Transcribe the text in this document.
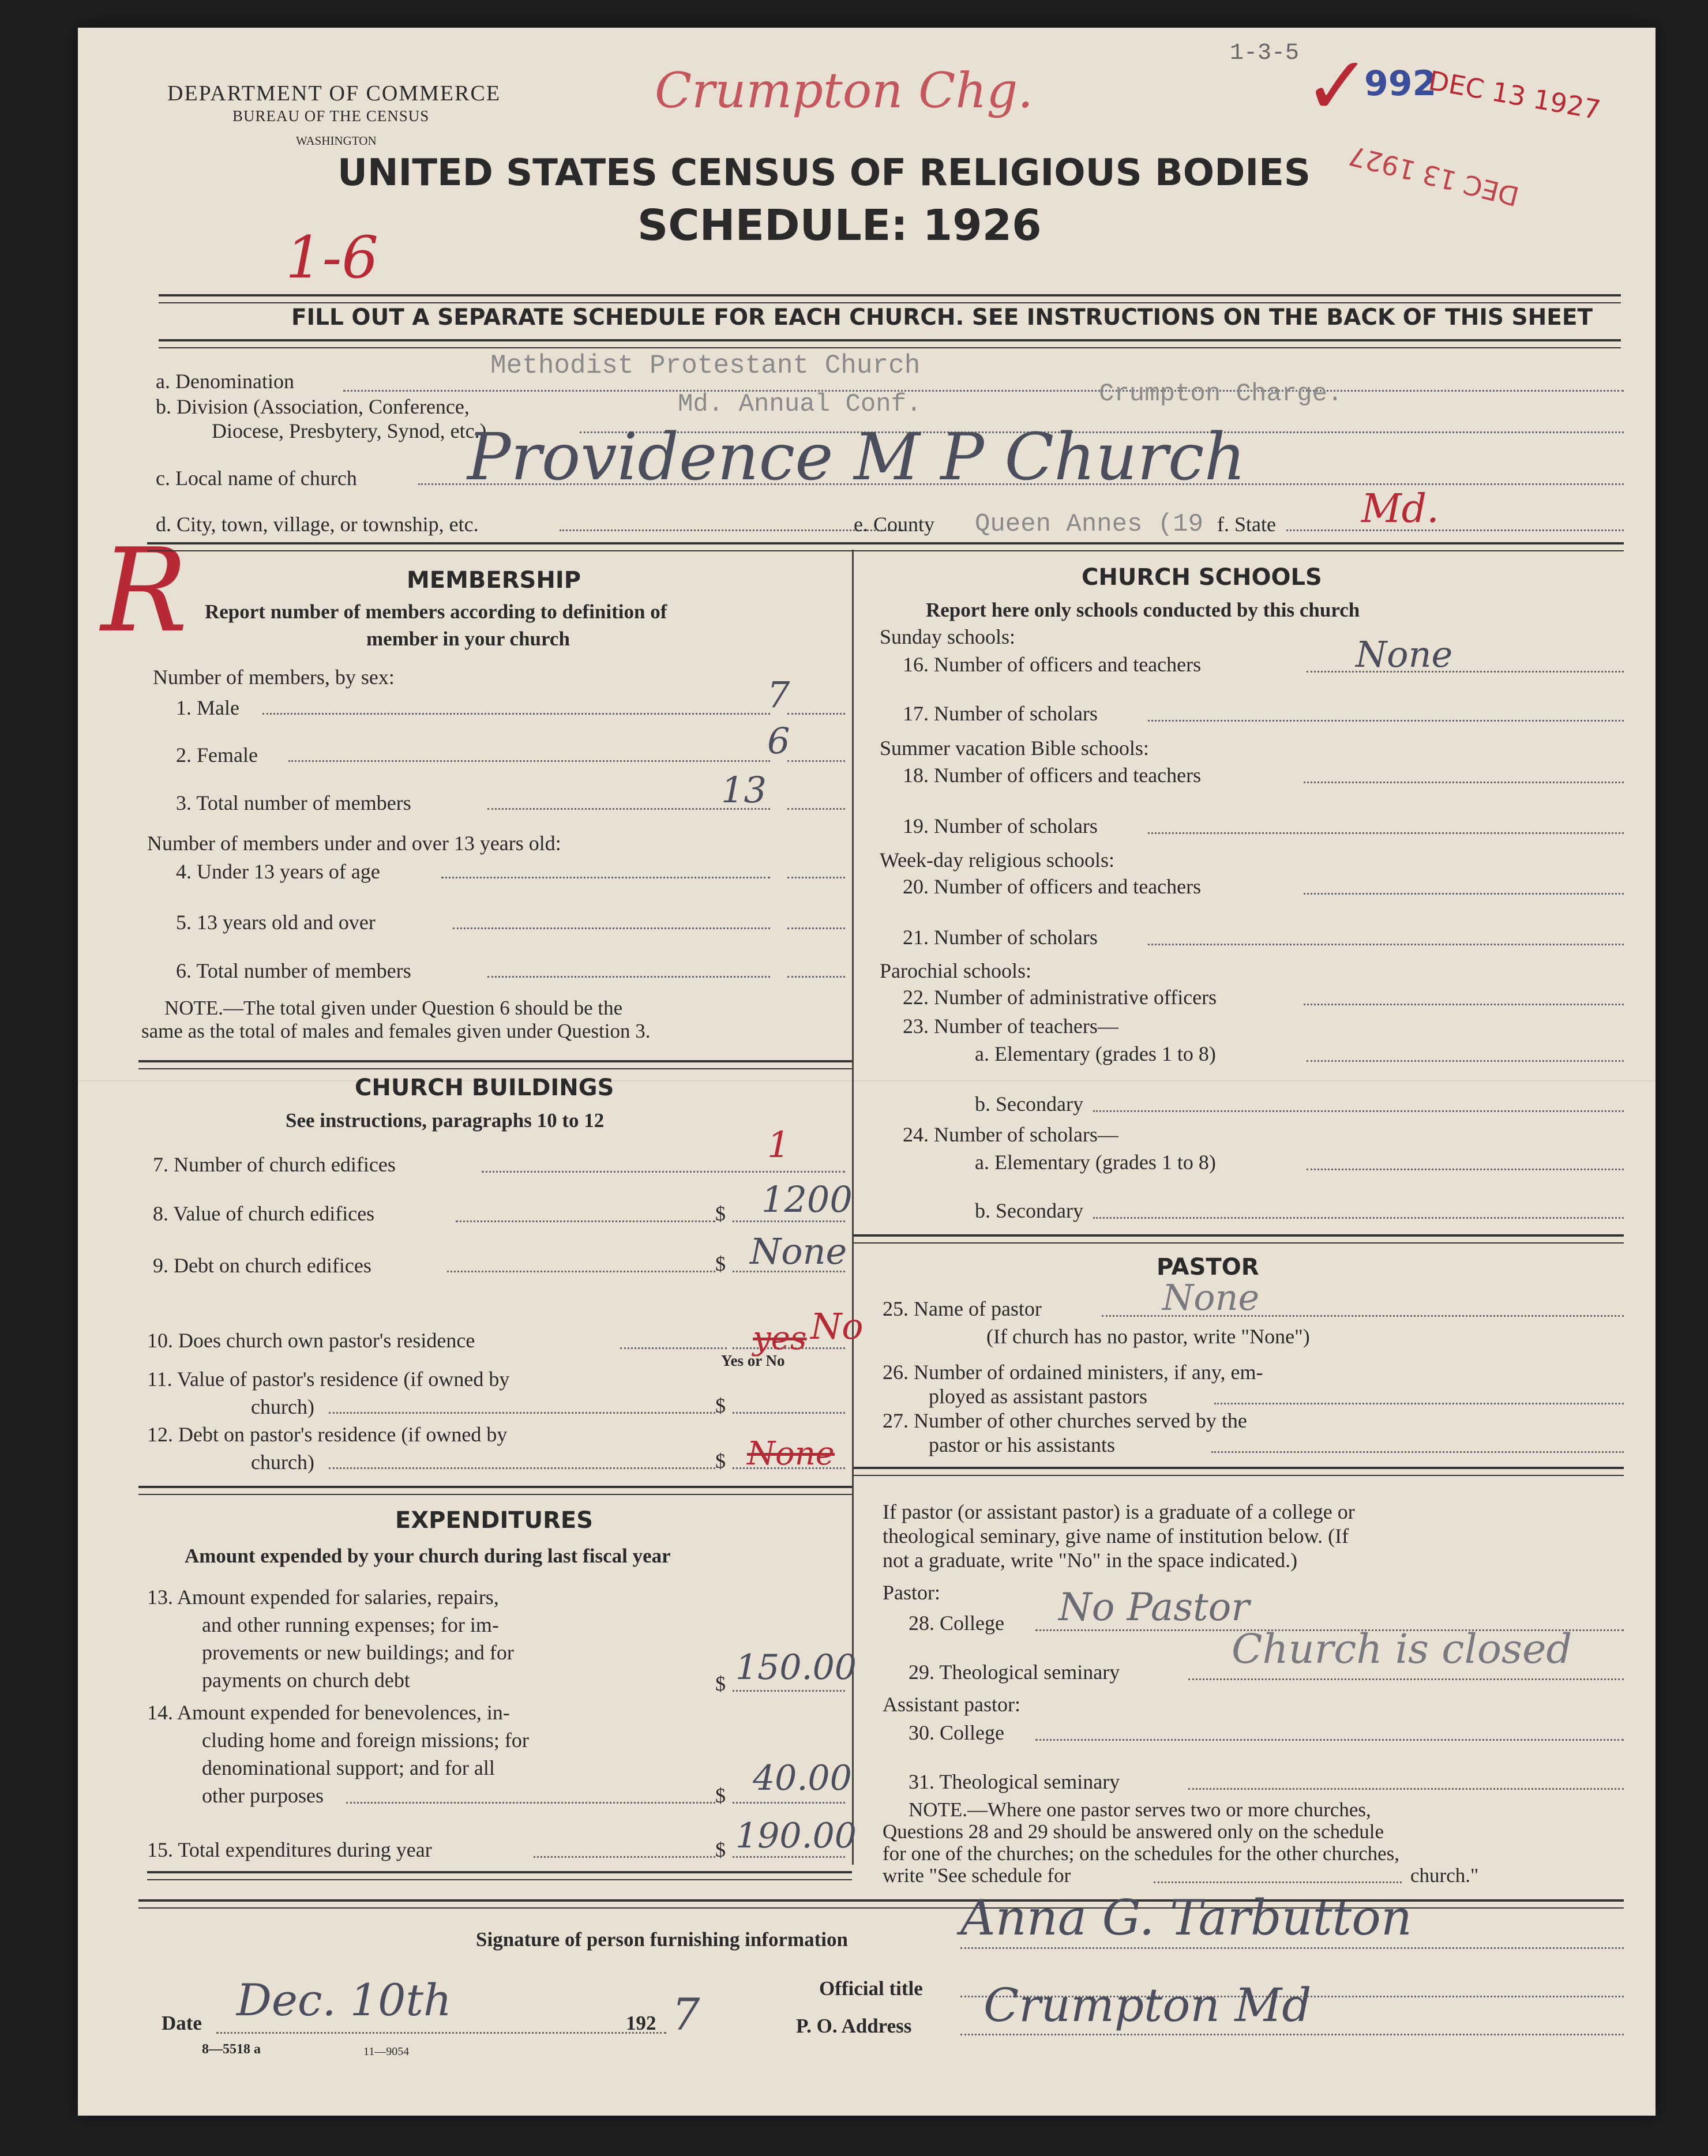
DEPARTMENT OF COMMERCE
BUREAU OF THE CENSUS
WASHINGTON
UNITED STATES CENSUS OF RELIGIOUS BODIES
SCHEDULE: 1926
1-3-5
992
DEC 13 1927
DEC 13 1927
✓
Crumpton Chg.
1-6
R
FILL OUT A SEPARATE SCHEDULE FOR EACH CHURCH. SEE INSTRUCTIONS ON THE BACK OF THIS SHEET
a. Denomination
Methodist Protestant Church
b. Division (Association, Conference,
Diocese, Presbytery, Synod, etc.)
Md. Annual Conf.	Crumpton Charge.
c. Local name of church Providence M P Church
d. City, town, village, or township, etc.	e. County Queen Annes (19 f. State Md.
MEMBERSHIP
Report number of members according to definition of
member in your church
Number of members, by sex:
1. Male	7
2. Female	6
3. Total number of members	13
Number of members under and over 13 years old:
4. Under 13 years of age
5. 13 years old and over
6. Total number of members
NOTE.—The total given under Question 6 should be the
same as the total of males and females given under Question 3.
CHURCH BUILDINGS
See instructions, paragraphs 10 to 12
7. Number of church edifices	1
8. Value of church edifices	$ 1200
9. Debt on church edifices	$ None
10. Does church own pastor's residence	yes No
Yes or No
11. Value of pastor's residence (if owned by
church)	$
12. Debt on pastor's residence (if owned by
church)	$ None
EXPENDITURES
Amount expended by your church during last fiscal year
13. Amount expended for salaries, repairs,
and other running expenses; for im-
provements or new buildings; and for
payments on church debt	$ 150.00
14. Amount expended for benevolences, in-
cluding home and foreign missions; for
denominational support; and for all
other purposes	$ 40.00
15. Total expenditures during year	$ 190.00
CHURCH SCHOOLS
Report here only schools conducted by this church
Sunday schools:
16. Number of officers and teachers	None
17. Number of scholars
Summer vacation Bible schools:
18. Number of officers and teachers
19. Number of scholars
Week-day religious schools:
20. Number of officers and teachers
21. Number of scholars
Parochial schools:
22. Number of administrative officers
23. Number of teachers—
a. Elementary (grades 1 to 8)
b. Secondary
24. Number of scholars—
a. Elementary (grades 1 to 8)
b. Secondary
PASTOR
25. Name of pastor	None
(If church has no pastor, write "None")
26. Number of ordained ministers, if any, em-
ployed as assistant pastors
27. Number of other churches served by the
pastor or his assistants
If pastor (or assistant pastor) is a graduate of a college or
theological seminary, give name of institution below. (If
not a graduate, write "No" in the space indicated.)
Pastor:
28. College No Pastor
29. Theological seminary	Church is closed
Assistant pastor:
30. College
31. Theological seminary
NOTE.—Where one pastor serves two or more churches,
Questions 28 and 29 should be answered only on the schedule
for one of the churches; on the schedules for the other churches,
write "See schedule for	church."
Signature of person furnishing information Anna G. Tarbutton
Official title
Date Dec. 10th	192 7	P. O. Address Crumpton Md
8—5518 a	11—9054
